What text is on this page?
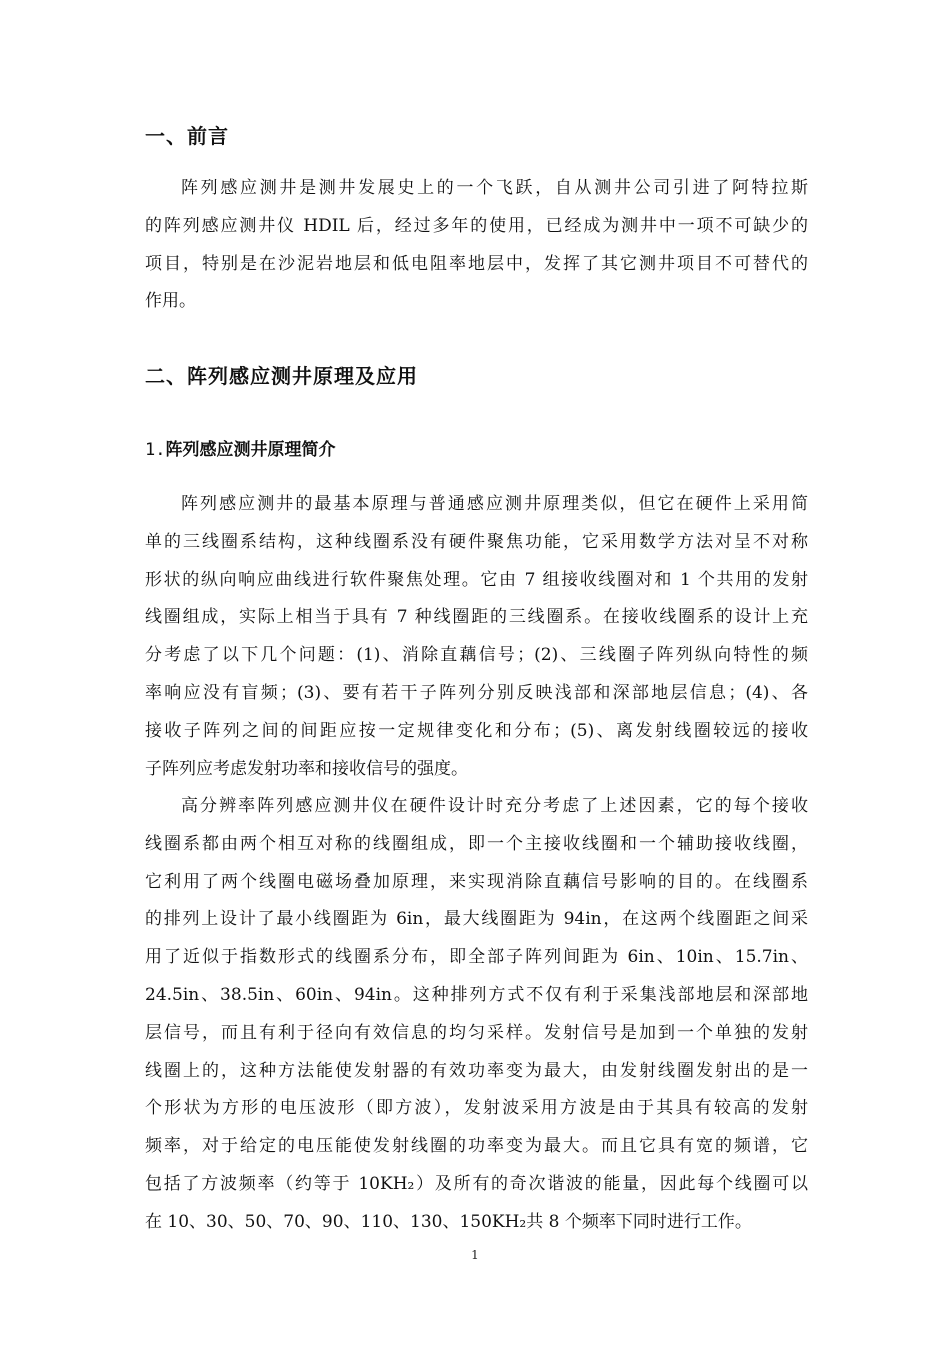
一、前言
阵列感应测井是测井发展史上的一个飞跃，自从测井公司引进了阿特拉斯
的阵列感应测井仪 HDIL 后，经过多年的使用，已经成为测井中一项不可缺少的
项目，特别是在沙泥岩地层和低电阻率地层中，发挥了其它测井项目不可替代的
作用。
二、阵列感应测井原理及应用
1.阵列感应测井原理简介
阵列感应测井的最基本原理与普通感应测井原理类似，但它在硬件上采用简
单的三线圈系结构，这种线圈系没有硬件聚焦功能，它采用数学方法对呈不对称
形状的纵向响应曲线进行软件聚焦处理。它由 7 组接收线圈对和 1 个共用的发射
线圈组成，实际上相当于具有 7 种线圈距的三线圈系。在接收线圈系的设计上充
分考虑了以下几个问题：(1)、消除直藕信号；(2)、三线圈子阵列纵向特性的频
率响应没有盲频；(3)、要有若干子阵列分别反映浅部和深部地层信息；(4)、各
接收子阵列之间的间距应按一定规律变化和分布；(5)、离发射线圈较远的接收
子阵列应考虑发射功率和接收信号的强度。
高分辨率阵列感应测井仪在硬件设计时充分考虑了上述因素，它的每个接收
线圈系都由两个相互对称的线圈组成，即一个主接收线圈和一个辅助接收线圈，
它利用了两个线圈电磁场叠加原理，来实现消除直藕信号影响的目的。在线圈系
的排列上设计了最小线圈距为 6in，最大线圈距为 94in，在这两个线圈距之间采
用了近似于指数形式的线圈系分布，即全部子阵列间距为 6in、10in、15.7in、
24.5in、38.5in、60in、94in。这种排列方式不仅有利于采集浅部地层和深部地
层信号，而且有利于径向有效信息的均匀采样。发射信号是加到一个单独的发射
线圈上的，这种方法能使发射器的有效功率变为最大，由发射线圈发射出的是一
个形状为方形的电压波形（即方波），发射波采用方波是由于其具有较高的发射
频率，对于给定的电压能使发射线圈的功率变为最大。而且它具有宽的频谱，它
包括了方波频率（约等于 10KH₂）及所有的奇次谐波的能量，因此每个线圈可以
在 10、30、50、70、90、110、130、150KH₂共 8 个频率下同时进行工作。
1
